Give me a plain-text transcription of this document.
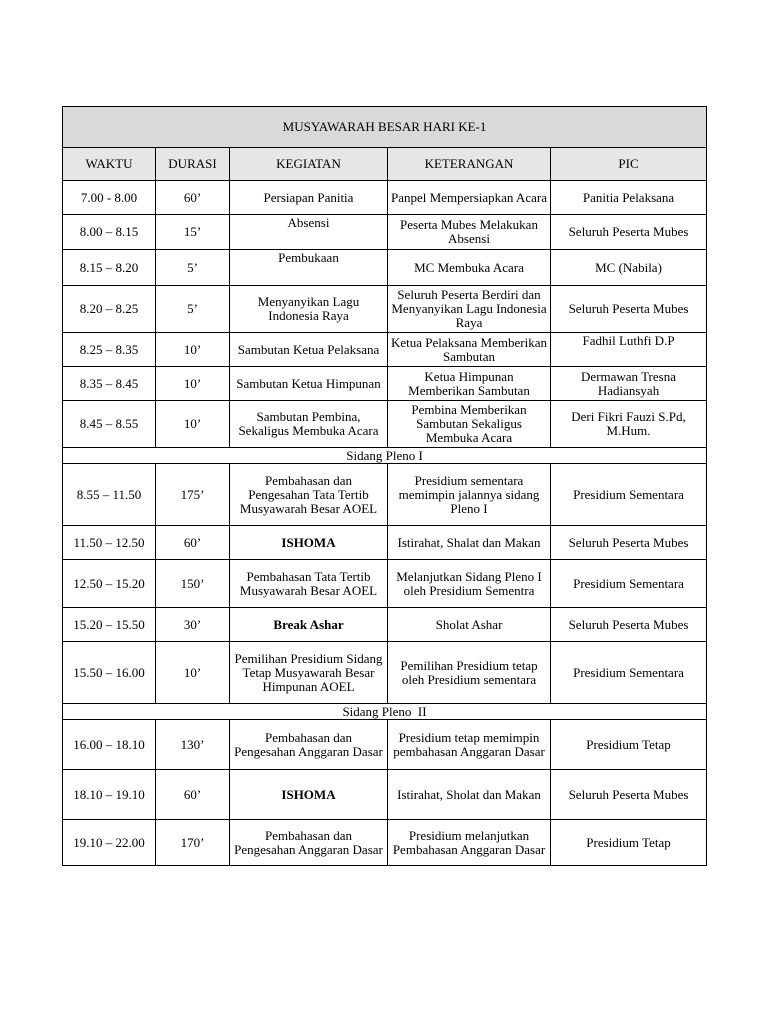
MUSYAWARAH BESAR HARI KE-1				
WAKTU	DURASI	KEGIATAN	KETERANGAN	PIC
7.00 - 8.00	60’	Persiapan Panitia	Panpel Mempersiapkan Acara	Panitia Pelaksana
8.00 – 8.15	15’	Absensi	Peserta Mubes Melakukan Absensi	Seluruh Peserta Mubes
8.15 – 8.20	5’	Pembukaan	MC Membuka Acara	MC (Nabila)
8.20 – 8.25	5’	Menyanyikan Lagu Indonesia Raya	Seluruh Peserta Berdiri dan Menyanyikan Lagu Indonesia Raya	Seluruh Peserta Mubes
8.25 – 8.35	10’	Sambutan Ketua Pelaksana	Ketua Pelaksana Memberikan Sambutan	Fadhil Luthfi D.P
8.35 – 8.45	10’	Sambutan Ketua Himpunan	Ketua Himpunan Memberikan Sambutan	Dermawan Tresna Hadiansyah
8.45 – 8.55	10’	Sambutan Pembina, Sekaligus Membuka Acara	Pembina Memberikan Sambutan Sekaligus Membuka Acara	Deri Fikri Fauzi S.Pd, M.Hum.
Sidang Pleno I				
8.55 – 11.50	175’	Pembahasan dan Pengesahan Tata Tertib Musyawarah Besar AOEL	Presidium sementara memimpin jalannya sidang Pleno I	Presidium Sementara
11.50 – 12.50	60’	ISHOMA	Istirahat, Shalat dan Makan	Seluruh Peserta Mubes
12.50 – 15.20	150’	Pembahasan Tata Tertib Musyawarah Besar AOEL	Melanjutkan Sidang Pleno I oleh Presidium Sementra	Presidium Sementara
15.20 – 15.50	30’	Break Ashar	Sholat Ashar	Seluruh Peserta Mubes
15.50 – 16.00	10’	Pemilihan Presidium Sidang Tetap Musyawarah Besar Himpunan AOEL	Pemilihan Presidium tetap oleh Presidium sementara	Presidium Sementara
Sidang Pleno  II				
16.00 – 18.10	130’	Pembahasan dan Pengesahan Anggaran Dasar	Presidium tetap memimpin pembahasan Anggaran Dasar	Presidium Tetap
18.10 – 19.10	60’	ISHOMA	Istirahat, Sholat dan Makan	Seluruh Peserta Mubes
19.10 – 22.00	170’	Pembahasan dan Pengesahan Anggaran Dasar	Presidium melanjutkan Pembahasan Anggaran Dasar	Presidium Tetap
